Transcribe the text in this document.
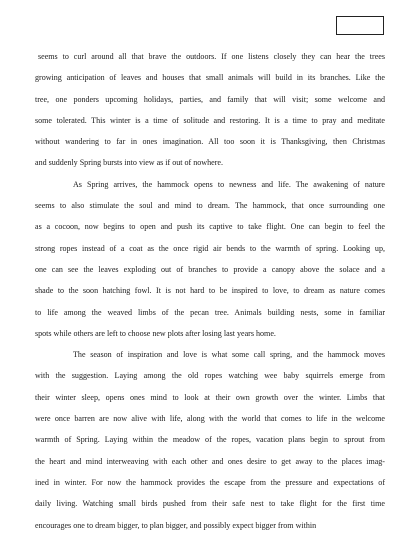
seems to curl around all that brave the outdoors. If one listens closely they can hear the trees
growing anticipation of leaves and houses that small animals will build in its branches. Like the
tree, one ponders upcoming holidays, parties, and family that will visit; some welcome and
some tolerated. This winter is a time of solitude and restoring. It is a time to pray and meditate
without wandering to far in ones imagination. All too soon it is Thanksgiving, then Christmas
and suddenly Spring bursts into view as if out of nowhere.
As Spring arrives, the hammock opens to newness and life. The awakening of nature
seems to also stimulate the soul and mind to dream. The hammock, that once surrounding one
as a cocoon, now begins to open and push its captive to take flight. One can begin to feel the
strong ropes instead of a coat as the once rigid air bends to the warmth of spring. Looking up,
one can see the leaves exploding out of branches to provide a canopy above the solace and a
shade to the soon hatching fowl. It is not hard to be inspired to love, to dream as nature comes
to life among the weaved limbs of the pecan tree. Animals building nests, some in familiar
spots while others are left to choose new plots after losing last years home.
The season of inspiration and love is what some call spring, and the hammock moves
with the suggestion. Laying among the old ropes watching wee baby squirrels emerge from
their winter sleep, opens ones mind to look at their own growth over the winter. Limbs that
were once barren are now alive with life, along with the world that comes to life in the welcome
warmth of Spring. Laying within the meadow of the ropes, vacation plans begin to sprout from
the heart and mind interweaving with each other and ones desire to get away to the places imag-
ined in winter. For now the hammock provides the escape from the pressure and expectations of
daily living. Watching small birds pushed from their safe nest to take flight for the first time
encourages one to dream bigger, to plan bigger, and possibly expect bigger from within
